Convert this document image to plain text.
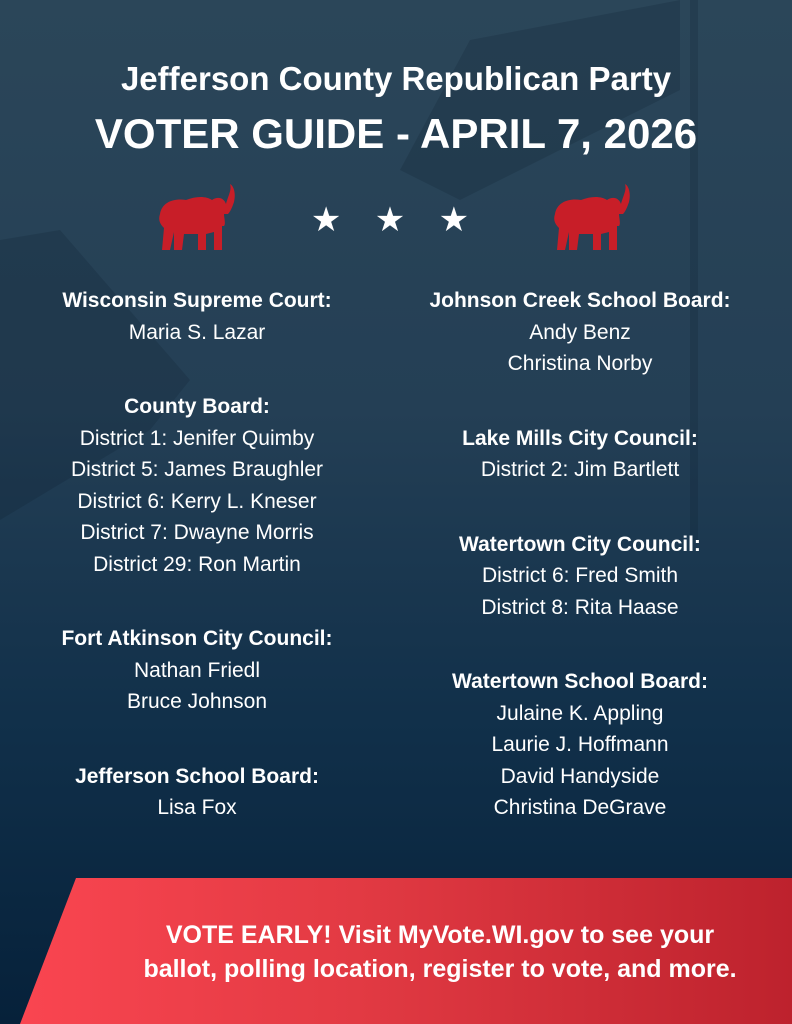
Jefferson County Republican Party
VOTER GUIDE - APRIL 7, 2026
★ ★ ★
Wisconsin Supreme Court:
Maria S. Lazar
County Board:
District 1: Jenifer Quimby
District 5: James Braughler
District 6: Kerry L. Kneser
District 7: Dwayne Morris
District 29: Ron Martin
Fort Atkinson City Council:
Nathan Friedl
Bruce Johnson
Jefferson School Board:
Lisa Fox
Johnson Creek School Board:
Andy Benz
Christina Norby
Lake Mills City Council:
District 2: Jim Bartlett
Watertown City Council:
District 6: Fred Smith
District 8: Rita Haase
Watertown School Board:
Julaine K. Appling
Laurie J. Hoffmann
David Handyside
Christina DeGrave
VOTE EARLY! Visit MyVote.WI.gov to see your
ballot, polling location, register to vote, and more.
